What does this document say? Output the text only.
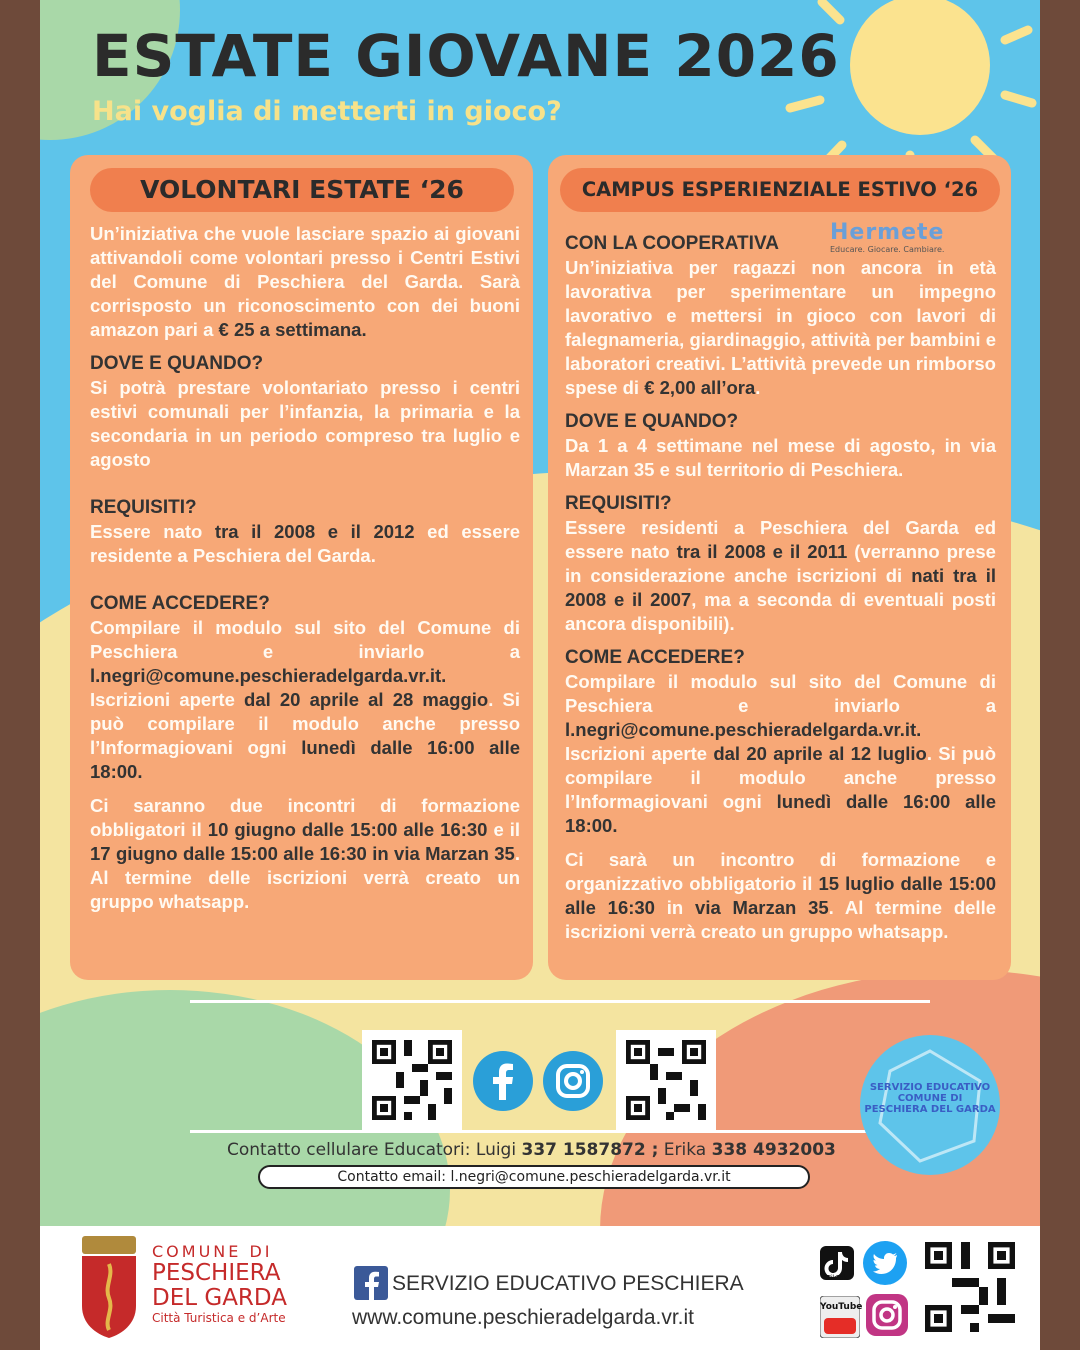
ESTATE GIOVANE 2026

Hai voglia di metterti in gioco?

VOLONTARI ESTATE ‘26

Un’iniziativa che vuole lasciare spazio ai giovani attivandoli come volontari presso i Centri Estivi del Comune di Peschiera del Garda. Sarà corrisposto un riconoscimento con dei buoni amazon pari a € 25 a settimana.

DOVE E QUANDO?

Si potrà prestare volontariato presso i centri estivi comunali per l’infanzia, la primaria e la secondaria in un periodo compreso tra luglio e agosto

REQUISITI?

Essere nato tra il 2008 e il 2012 ed essere residente a Peschiera del Garda.

COME ACCEDERE?

Compilare il modulo sul sito del Comune di Peschiera e inviarlo a l.negri@comune.peschieradelgarda.vr.it. Iscrizioni aperte dal 20 aprile al 28 maggio. Si può compilare il modulo anche presso l’Informagiovani ogni lunedì dalle 16:00 alle 18:00.

Ci saranno due incontri di formazione obbligatori il 10 giugno dalle 15:00 alle 16:30 e il 17 giugno dalle 15:00 alle 16:30 in via Marzan 35. Al termine delle iscrizioni verrà creato un gruppo whatsapp.

CAMPUS ESPERIENZIALE ESTIVO ‘26

CON LA COOPERATIVA

Un’iniziativa per ragazzi non ancora in età lavorativa per sperimentare un impegno lavorativo e mettersi in gioco con lavori di falegnameria, giardinaggio, attività per bambini e laboratori creativi. L’attività prevede un rimborso spese di € 2,00 all’ora.

DOVE E QUANDO?

Da 1 a 4 settimane nel mese di agosto, in via Marzan 35 e sul territorio di Peschiera.

REQUISITI?

Essere residenti a Peschiera del Garda ed essere nato tra il 2008 e il 2011 (verranno prese in considerazione anche iscrizioni di nati tra il 2008 e il 2007, ma a seconda di eventuali posti ancora disponibili).

COME ACCEDERE?

Compilare il modulo sul sito del Comune di Peschiera e inviarlo a l.negri@comune.peschieradelgarda.vr.it. Iscrizioni aperte dal 20 aprile al 12 luglio. Si può compilare il modulo anche presso l’Informagiovani ogni lunedì dalle 16:00 alle 18:00.

Ci sarà un incontro di formazione e organizzativo obbligatorio il 15 luglio dalle 15:00 alle 16:30 in via Marzan 35. Al termine delle iscrizioni verrà creato un gruppo whatsapp.

Hermete
Educare. Giocare. Cambiare.
SERVIZIO EDUCATIVO
COMUNE DI
PESCHIERA DEL GARDA
Contatto cellulare Educatori: Luigi 337 1587872 ; Erika 338 4932003
Contatto email: l.negri@comune.peschieradelgarda.vr.it
COMUNE DI
PESCHIERA
DEL GARDA
Città Turistica e d’Arte
SERVIZIO EDUCATIVO PESCHIERA
www.comune.peschieradelgarda.vr.it
TikTok
YouTube
